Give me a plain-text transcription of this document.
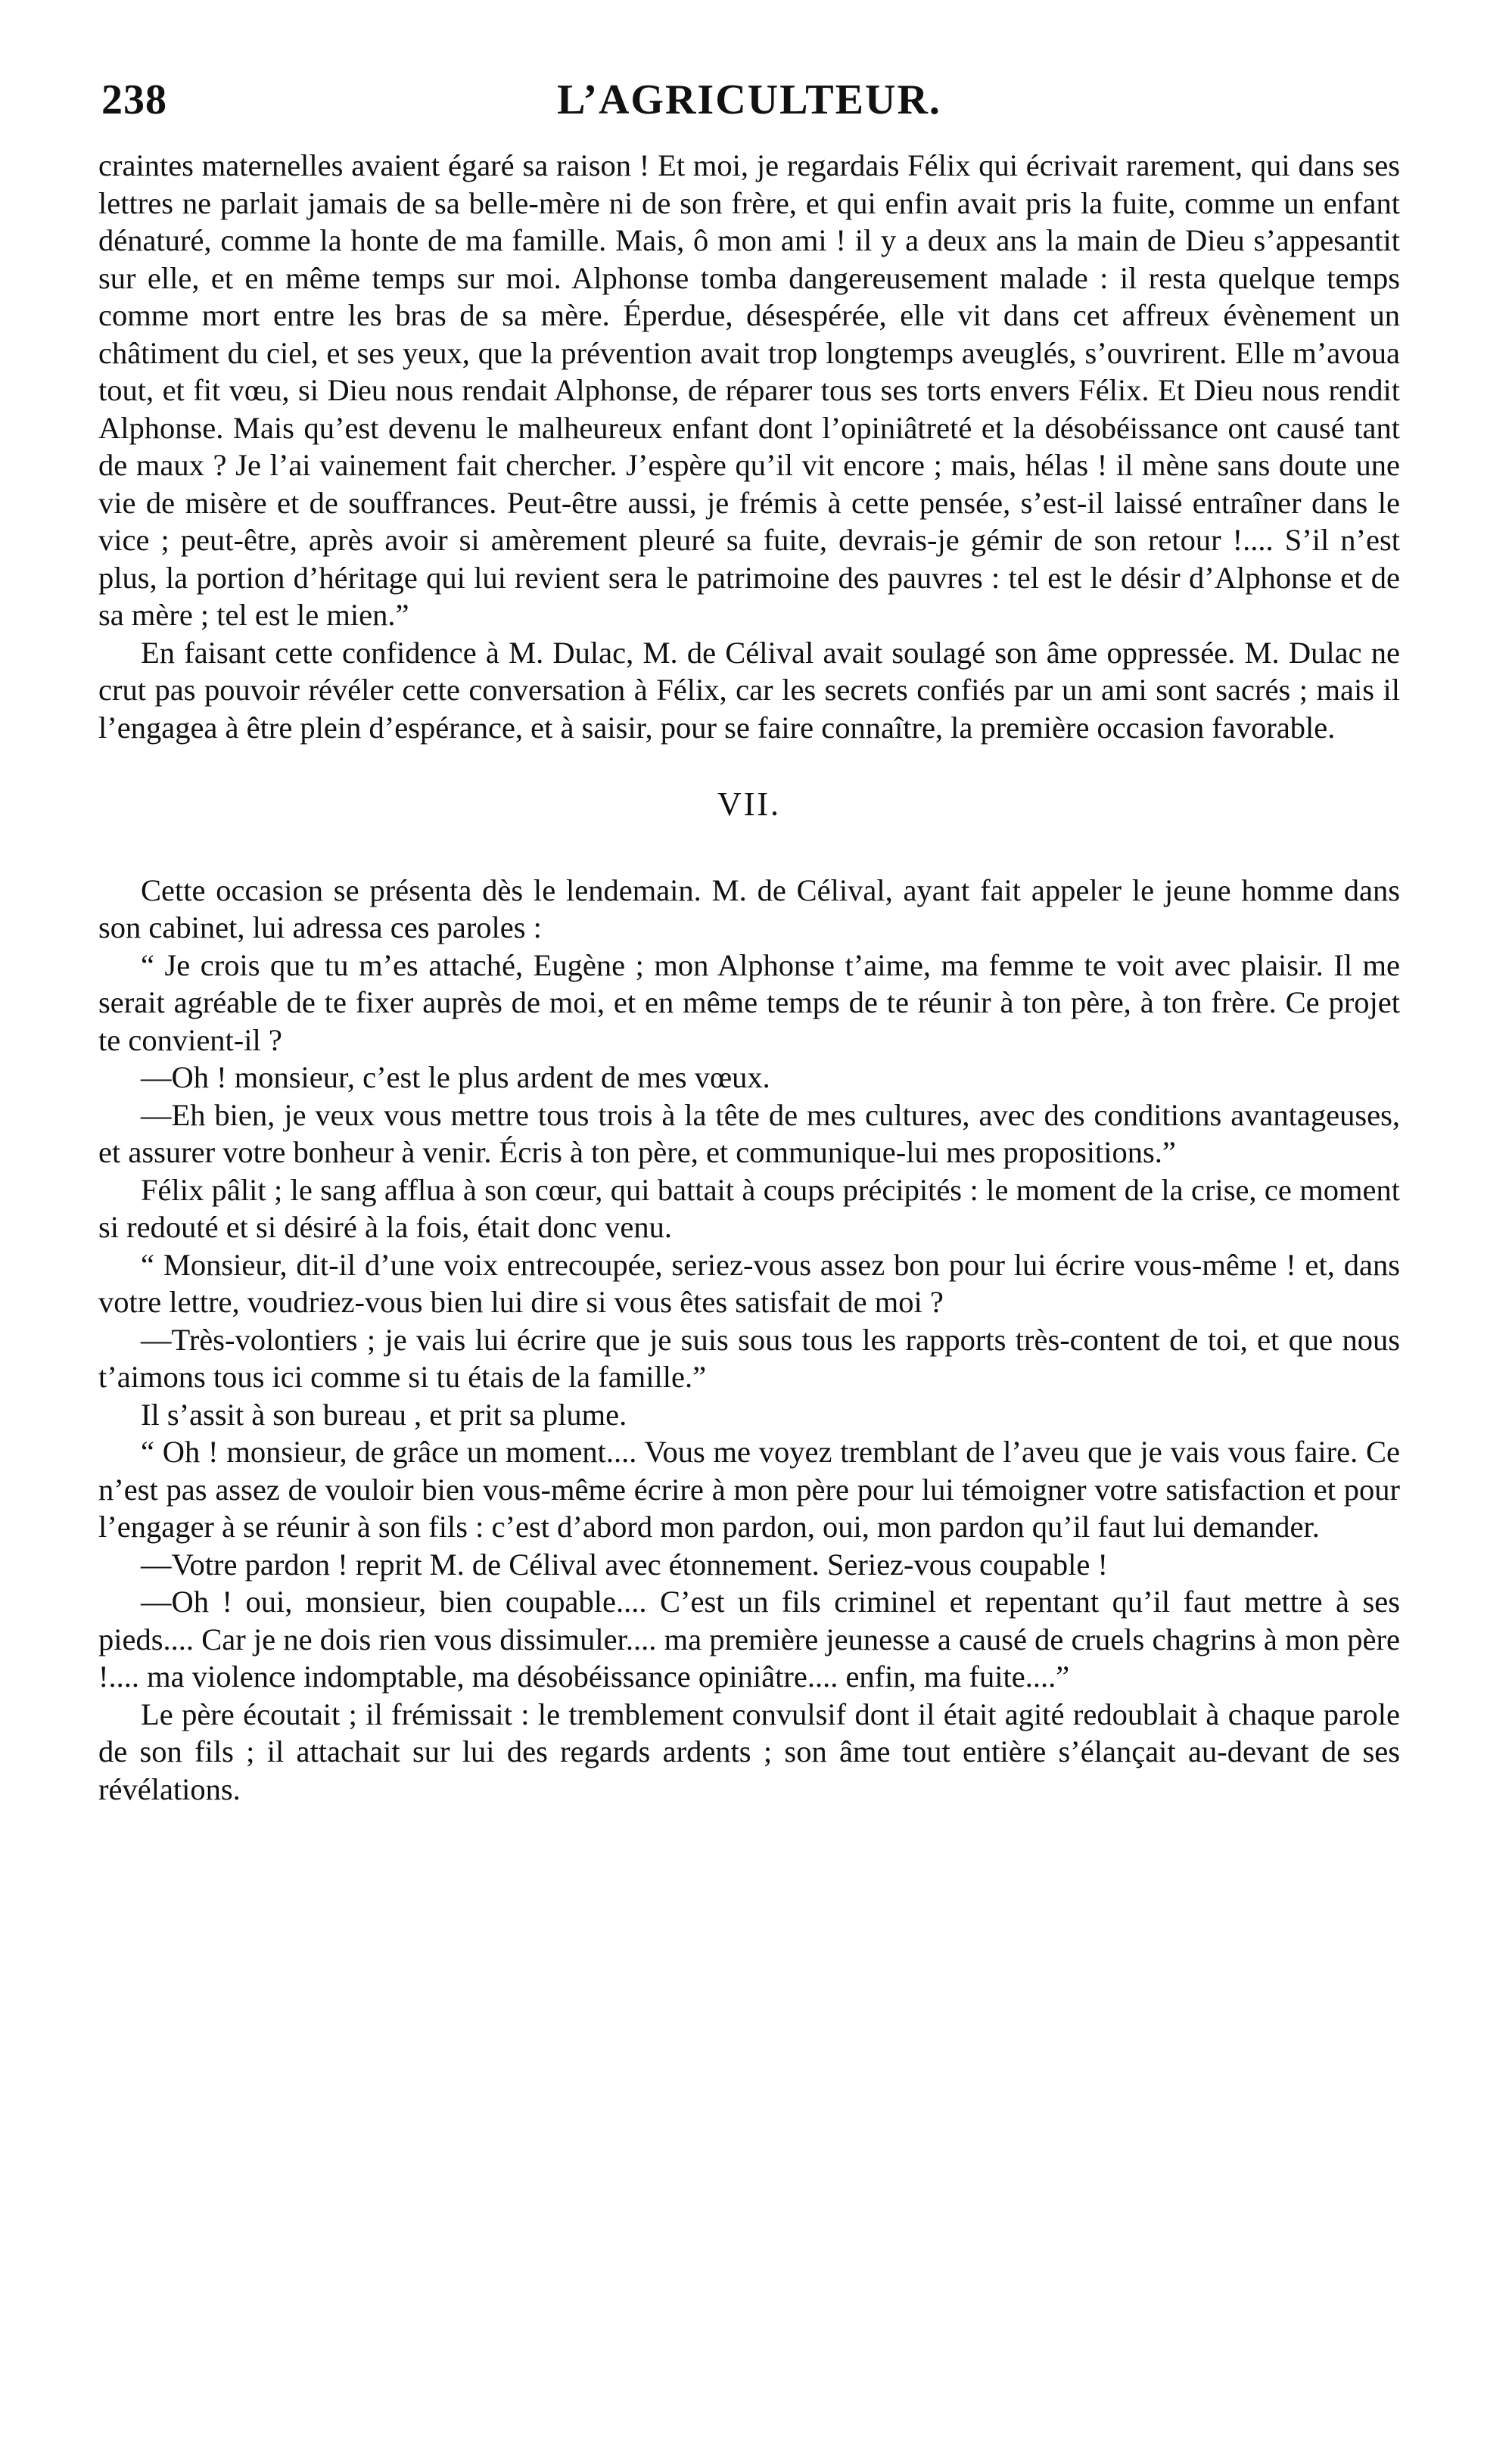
238	L’AGRICULTEUR.

craintes maternelles avaient égaré sa raison ! Et moi, je regardais Félix qui écrivait rarement, qui dans ses lettres ne parlait jamais de sa belle-mère ni de son frère, et qui enfin avait pris la fuite, comme un enfant dénaturé, comme la honte de ma famille. Mais, ô mon ami ! il y a deux ans la main de Dieu s’appesantit sur elle, et en même temps sur moi. Alphonse tomba dangereusement malade : il resta quelque temps comme mort entre les bras de sa mère. Éperdue, désespérée, elle vit dans cet affreux évènement un châtiment du ciel, et ses yeux, que la prévention avait trop longtemps aveuglés, s’ouvrirent. Elle m’avoua tout, et fit vœu, si Dieu nous rendait Alphonse, de réparer tous ses torts envers Félix. Et Dieu nous rendit Alphonse. Mais qu’est devenu le malheureux enfant dont l’opiniâtreté et la désobéissance ont causé tant de maux ? Je l’ai vainement fait chercher. J’espère qu’il vit encore ; mais, hélas ! il mène sans doute une vie de misère et de souffrances. Peut-être aussi, je frémis à cette pensée, s’est-il laissé entraîner dans le vice ; peut-être, après avoir si amèrement pleuré sa fuite, devrais-je gémir de son retour !.... S’il n’est plus, la portion d’héritage qui lui revient sera le patrimoine des pauvres : tel est le désir d’Alphonse et de sa mère ; tel est le mien.”

En faisant cette confidence à M. Dulac, M. de Célival avait soulagé son âme oppressée. M. Dulac ne crut pas pouvoir révéler cette conversation à Félix, car les secrets confiés par un ami sont sacrés ; mais il l’engagea à être plein d’espérance, et à saisir, pour se faire connaître, la première occasion favorable.

VII.

Cette occasion se présenta dès le lendemain. M. de Célival, ayant fait appeler le jeune homme dans son cabinet, lui adressa ces paroles :

“ Je crois que tu m’es attaché, Eugène ; mon Alphonse t’aime, ma femme te voit avec plaisir. Il me serait agréable de te fixer auprès de moi, et en même temps de te réunir à ton père, à ton frère. Ce projet te convient-il ?

—Oh ! monsieur, c’est le plus ardent de mes vœux.

—Eh bien, je veux vous mettre tous trois à la tête de mes cultures, avec des conditions avantageuses, et assurer votre bonheur à venir. Écris à ton père, et communique-lui mes propositions.”

Félix pâlit ; le sang afflua à son cœur, qui battait à coups précipités : le moment de la crise, ce moment si redouté et si désiré à la fois, était donc venu.

“ Monsieur, dit-il d’une voix entrecoupée, seriez-vous assez bon pour lui écrire vous-même ! et, dans votre lettre, voudriez-vous bien lui dire si vous êtes satisfait de moi ?

—Très-volontiers ; je vais lui écrire que je suis sous tous les rapports très-content de toi, et que nous t’aimons tous ici comme si tu étais de la famille.”

Il s’assit à son bureau , et prit sa plume.

“ Oh ! monsieur, de grâce un moment.... Vous me voyez tremblant de l’aveu que je vais vous faire. Ce n’est pas assez de vouloir bien vous-même écrire à mon père pour lui témoigner votre satisfaction et pour l’engager à se réunir à son fils : c’est d’abord mon pardon, oui, mon pardon qu’il faut lui demander.

—Votre pardon ! reprit M. de Célival avec étonnement. Seriez-vous coupable !

—Oh ! oui, monsieur, bien coupable.... C’est un fils criminel et repentant qu’il faut mettre à ses pieds.... Car je ne dois rien vous dissimuler.... ma première jeunesse a causé de cruels chagrins à mon père !.... ma violence indomptable, ma désobéissance opiniâtre.... enfin, ma fuite....”

Le père écoutait ; il frémissait : le tremblement convulsif dont il était agité redoublait à chaque parole de son fils ; il attachait sur lui des regards ardents ; son âme tout entière s’élançait au-devant de ses révélations.
